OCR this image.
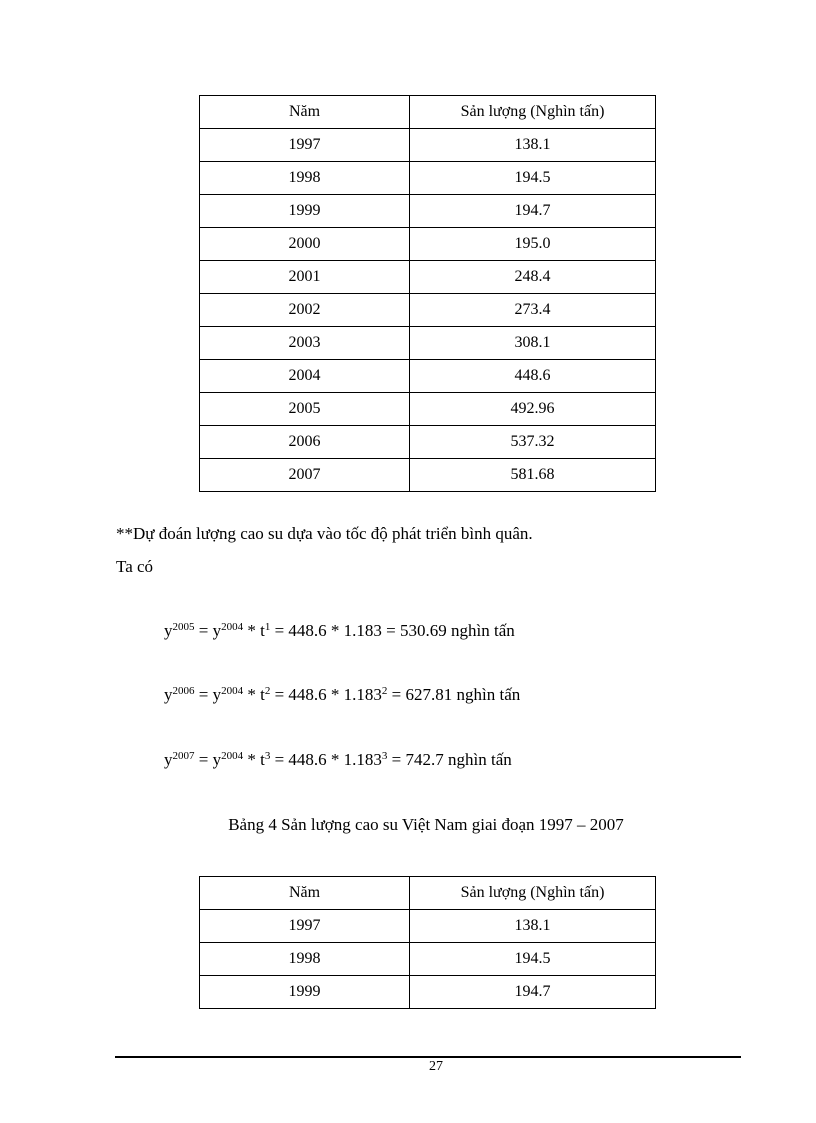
Năm	Sản lượng (Nghìn tấn)
1997	138.1
1998	194.5
1999	194.7
2000	195.0
2001	248.4
2002	273.4
2003	308.1
2004	448.6
2005	492.96
2006	537.32
2007	581.68
**Dự đoán lượng cao su dựa vào tốc độ phát triển bình quân.
Ta có
$y^{2005} = y^{2004} * t^1 = 448.6 * 1.183 = 530.69$ nghìn tấn
$y^{2006} = y^{2004} * t^2 = 448.6 * 1.183^2 = 627.81$ nghìn tấn
$y^{2007} = y^{2004} * t^3 = 448.6 * 1.183^3 = 742.7$ nghìn tấn
Bảng 4 Sản lượng cao su Việt Nam giai đoạn 1997 – 2007
Năm	Sản lượng (Nghìn tấn)
1997	138.1
1998	194.5
1999	194.7
27
